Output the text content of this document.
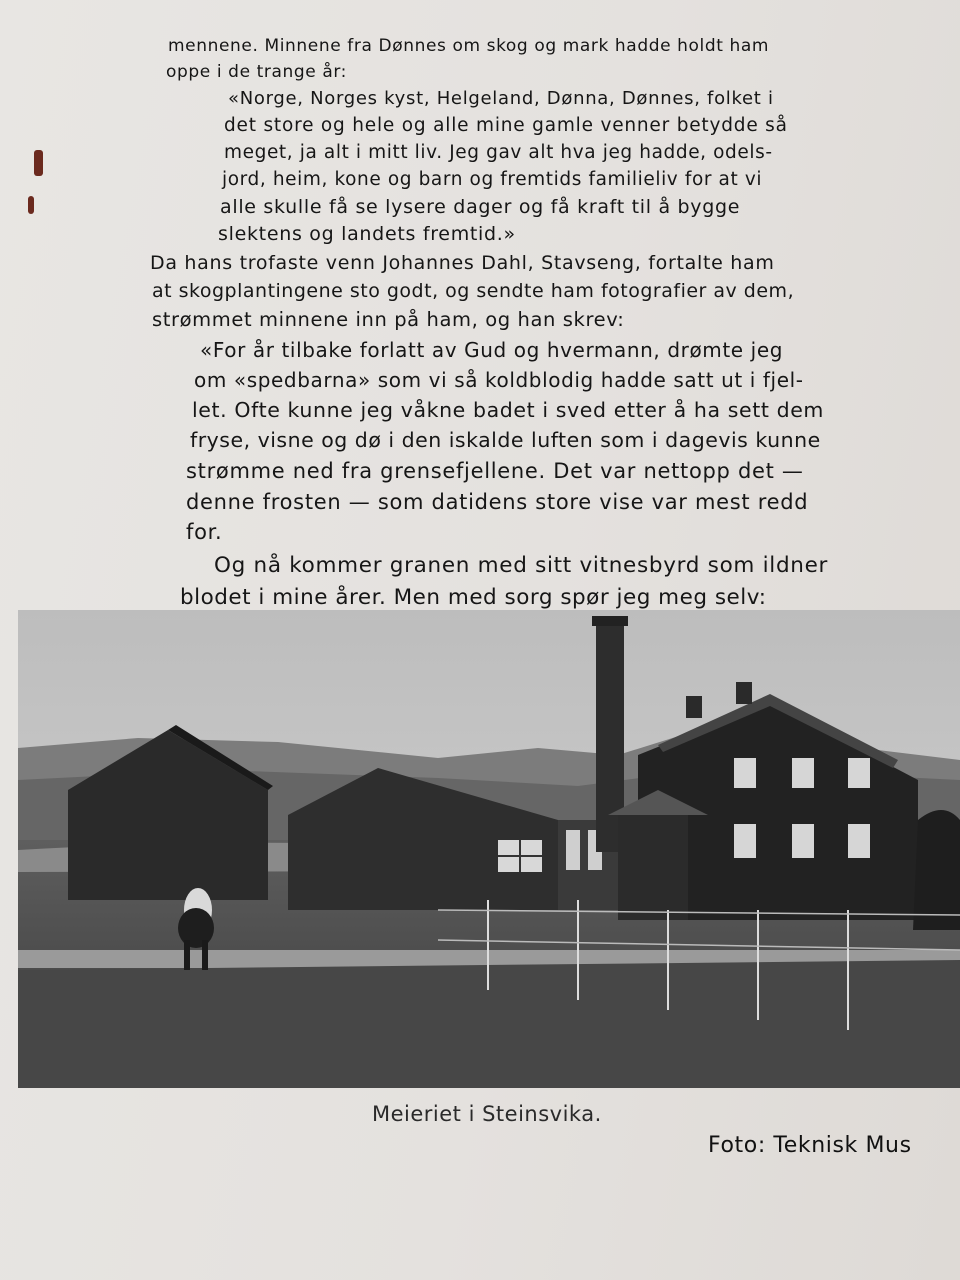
mennene. Minnene fra Dønnes om skog og mark hadde holdt ham
oppe i de trange år:
«Norge, Norges kyst, Helgeland, Dønna, Dønnes, folket i
det store og hele og alle mine gamle venner betydde så
meget, ja alt i mitt liv. Jeg gav alt hva jeg hadde, odels-
jord, heim, kone og barn og fremtids familieliv for at vi
alle skulle få se lysere dager og få kraft til å bygge
slektens og landets fremtid.»
Da hans trofaste venn Johannes Dahl, Stavseng, fortalte ham
at skogplantingene sto godt, og sendte ham fotografier av dem,
strømmet minnene inn på ham, og han skrev:
«For år tilbake forlatt av Gud og hvermann, drømte jeg
om «spedbarna» som vi så koldblodig hadde satt ut i fjel-
let. Ofte kunne jeg våkne badet i sved etter å ha sett dem
fryse, visne og dø i den iskalde luften som i dagevis kunne
strømme ned fra grensefjellene. Det var nettopp det —
denne frosten — som datidens store vise var mest redd
for.
Og nå kommer granen med sitt vitnesbyrd som ildner
blodet i mine årer. Men med sorg spør jeg meg selv:
Meieriet i Steinsvika.
Foto: Teknisk Mus
